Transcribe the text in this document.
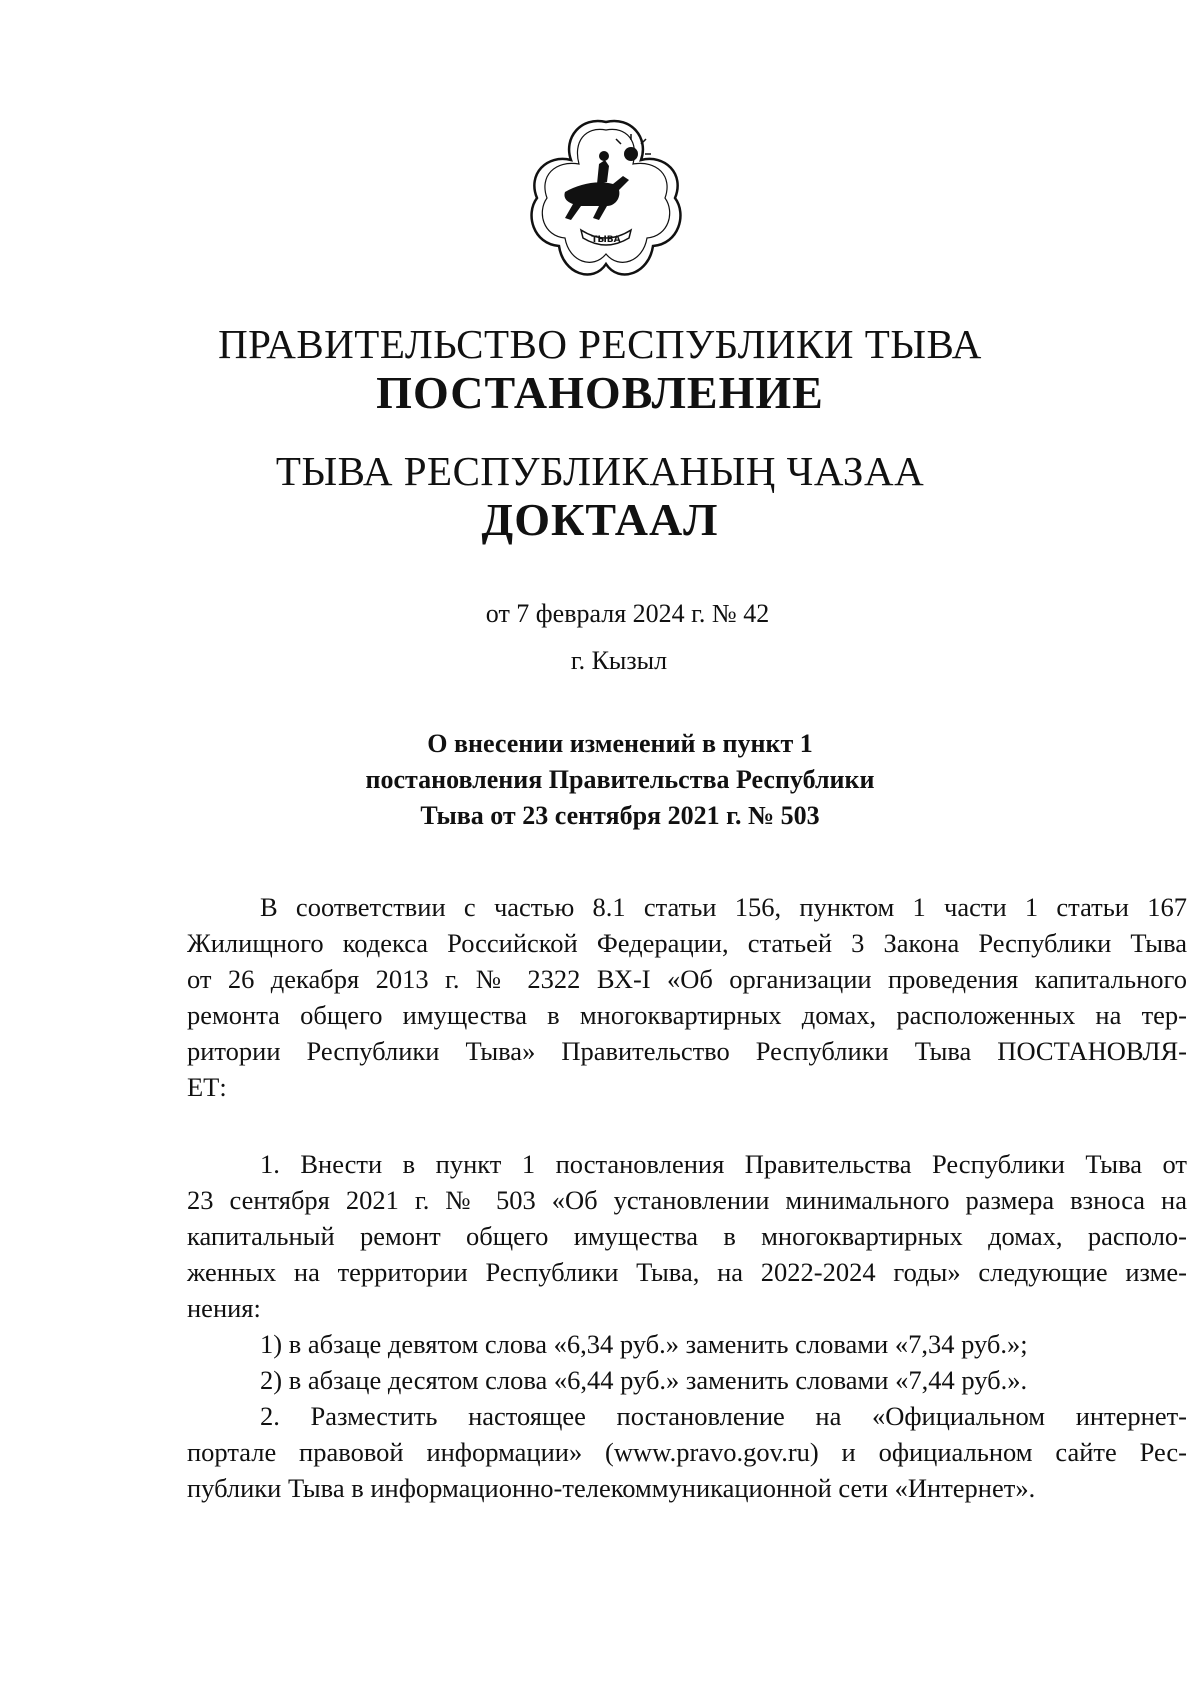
ТЫВА
ПРАВИТЕЛЬСТВО РЕСПУБЛИКИ ТЫВА
ПОСТАНОВЛЕНИЕ
ТЫВА РЕСПУБЛИКАНЫҢ ЧАЗАА
ДОКТААЛ
от 7 февраля 2024 г. № 42
г. Кызыл
О внесении изменений в пункт 1
постановления Правительства Республики
Тыва от 23 сентября 2021 г. № 503
В соответствии с частью 8.1 статьи 156, пунктом 1 части 1 статьи 167
Жилищного кодекса Российской Федерации, статьей 3 Закона Республики Тыва
от 26 декабря 2013 г. № 2322 ВХ-I «Об организации проведения капитального
ремонта общего имущества в многоквартирных домах, расположенных на тер-
ритории Республики Тыва» Правительство Республики Тыва ПОСТАНОВЛЯ-
ЕТ:
1. Внести в пункт 1 постановления Правительства Республики Тыва от
23 сентября 2021 г. № 503 «Об установлении минимального размера взноса на
капитальный ремонт общего имущества в многоквартирных домах, располо-
женных на территории Республики Тыва, на 2022-2024 годы» следующие изме-
нения:
1) в абзаце девятом слова «6,34 руб.» заменить словами «7,34 руб.»;
2) в абзаце десятом слова «6,44 руб.» заменить словами «7,44 руб.».
2. Разместить настоящее постановление на «Официальном интернет-
портале правовой информации» (www.pravo.gov.ru) и официальном сайте Рес-
публики Тыва в информационно-телекоммуникационной сети «Интернет».
